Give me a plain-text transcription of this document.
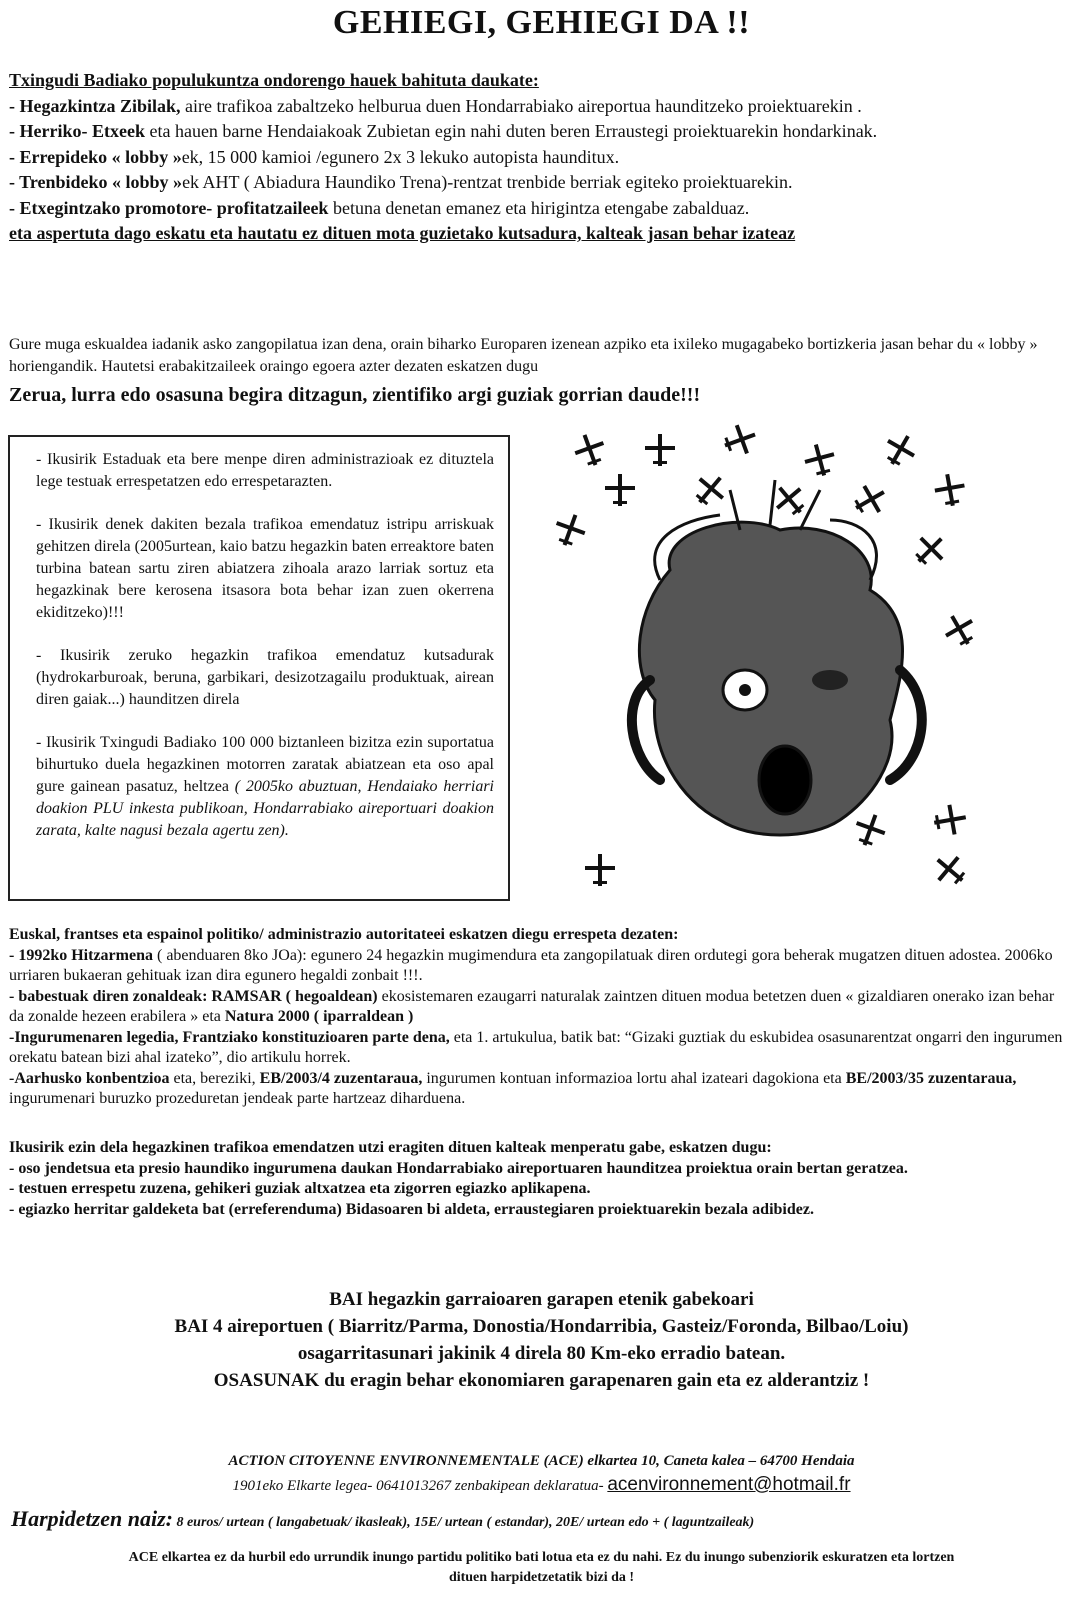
GEHIEGI, GEHIEGI DA !!

Txingudi Badiako populukuntza ondorengo hauek bahituta daukate:

- Hegazkintza Zibilak, aire trafikoa zabaltzeko helburua duen Hondarrabiako aireportua haunditzeko proiektuarekin .

- Herriko- Etxeek eta hauen barne Hendaiakoak Zubietan egin nahi duten beren Erraustegi proiektuarekin hondarkinak.

- Errepideko « lobby »ek, 15 000 kamioi /egunero 2x 3 lekuko autopista haunditux.

- Trenbideko « lobby »ek AHT ( Abiadura Haundiko Trena)-rentzat trenbide berriak egiteko proiektuarekin.

- Etxegintzako promotore- profitatzaileek betuna denetan emanez eta hirigintza etengabe zabalduaz.

eta aspertuta dago eskatu eta hautatu ez dituen mota guzietako kutsadura, kalteak jasan behar izateaz

Gure muga eskualdea iadanik asko zangopilatua izan dena, orain biharko Europaren izenean azpiko eta ixileko mugagabeko bortizkeria jasan behar du « lobby » horiengandik. Hautetsi erabakitzaileek oraingo egoera azter dezaten eskatzen dugu
Zerua, lurra edo osasuna begira ditzagun, zientifiko argi guziak gorrian daude!!!

- Ikusirik Estaduak eta bere menpe diren administrazioak ez dituztela lege testuak errespetatzen edo errespetarazten.

- Ikusirik denek dakiten bezala trafikoa emendatuz istripu arriskuak gehitzen direla (2005urtean, kaio batzu hegazkin baten erreaktore baten turbina batean sartu ziren abiatzera zihoala arazo larriak sortuz eta hegazkinak bere kerosena itsasora bota behar izan zuen okerrena ekiditzeko)!!!

- Ikusirik zeruko hegazkin trafikoa emendatuz kutsadurak (hydrokarburoak, beruna, garbikari, desizotzagailu produktuak, airean diren gaiak...) haunditzen direla

- Ikusirik Txingudi Badiako 100 000 biztanleen bizitza ezin suportatua bihurtuko duela hegazkinen motorren zaratak abiatzean eta oso apal gure gainean pasatuz, heltzea ( 2005ko abuztuan, Hendaiako herriari doakion PLU inkesta publikoan, Hondarrabiako aireportuari doakion zarata, kalte nagusi bezala agertu zen).

Euskal, frantses eta espainol politiko/ administrazio autoritateei eskatzen diegu errespeta dezaten:

- 1992ko Hitzarmena ( abenduaren 8ko JOa): egunero 24 hegazkin mugimendura eta zangopilatuak diren ordutegi gora beherak mugatzen dituen adostea. 2006ko urriaren bukaeran gehituak izan dira egunero hegaldi zonbait !!!.

- babestuak diren zonaldeak: RAMSAR ( hegoaldean) ekosistemaren ezaugarri naturalak zaintzen dituen modua betetzen duen « gizaldiaren onerako izan behar da zonalde hezeen erabilera » eta Natura 2000 ( iparraldean )

-Ingurumenaren legedia, Frantziako konstituzioaren parte dena, eta 1. artukulua, batik bat: “Gizaki guztiak du eskubidea osasunarentzat ongarri den ingurumen orekatu batean bizi ahal izateko”, dio artikulu horrek.

-Aarhusko konbentzioa eta, bereziki, EB/2003/4 zuzentaraua, ingurumen kontuan informazioa lortu ahal izateari dagokiona eta BE/2003/35 zuzentaraua, ingurumenari buruzko prozeduretan jendeak parte hartzeaz diharduena.

Ikusirik ezin dela hegazkinen trafikoa emendatzen utzi eragiten dituen kalteak menperatu gabe, eskatzen dugu:

- oso jendetsua eta presio haundiko ingurumena daukan Hondarrabiako aireportuaren haunditzea proiektua orain bertan geratzea.

- testuen errespetu zuzena, gehikeri guziak altxatzea eta zigorren egiazko aplikapena.

- egiazko herritar galdeketa bat (erreferenduma) Bidasoaren bi aldeta, erraustegiaren proiektuarekin bezala adibidez.

BAI hegazkin garraioaren garapen etenik gabekoari

BAI 4 aireportuen ( Biarritz/Parma, Donostia/Hondarribia, Gasteiz/Foronda, Bilbao/Loiu)

osagarritasunari jakinik 4 direla 80 Km-eko erradio batean.

OSASUNAK du eragin behar ekonomiaren garapenaren gain eta ez alderantziz !

ACTION CITOYENNE ENVIRONNEMENTALE (ACE) elkartea 10, Caneta kalea – 64700 Hendaia

1901eko Elkarte legea- 0641013267 zenbakipean deklaratua- acenvironnement@hotmail.fr

Harpidetzen naiz: 8 euros/ urtean ( langabetuak/ ikasleak), 15E/ urtean ( estandar), 20E/ urtean edo + ( laguntzaileak)

ACE elkartea ez da hurbil edo urrundik inungo partidu politiko bati lotua eta ez du nahi. Ez du inungo subenziorik eskuratzen eta lortzen

dituen harpidetzetatik bizi da !
